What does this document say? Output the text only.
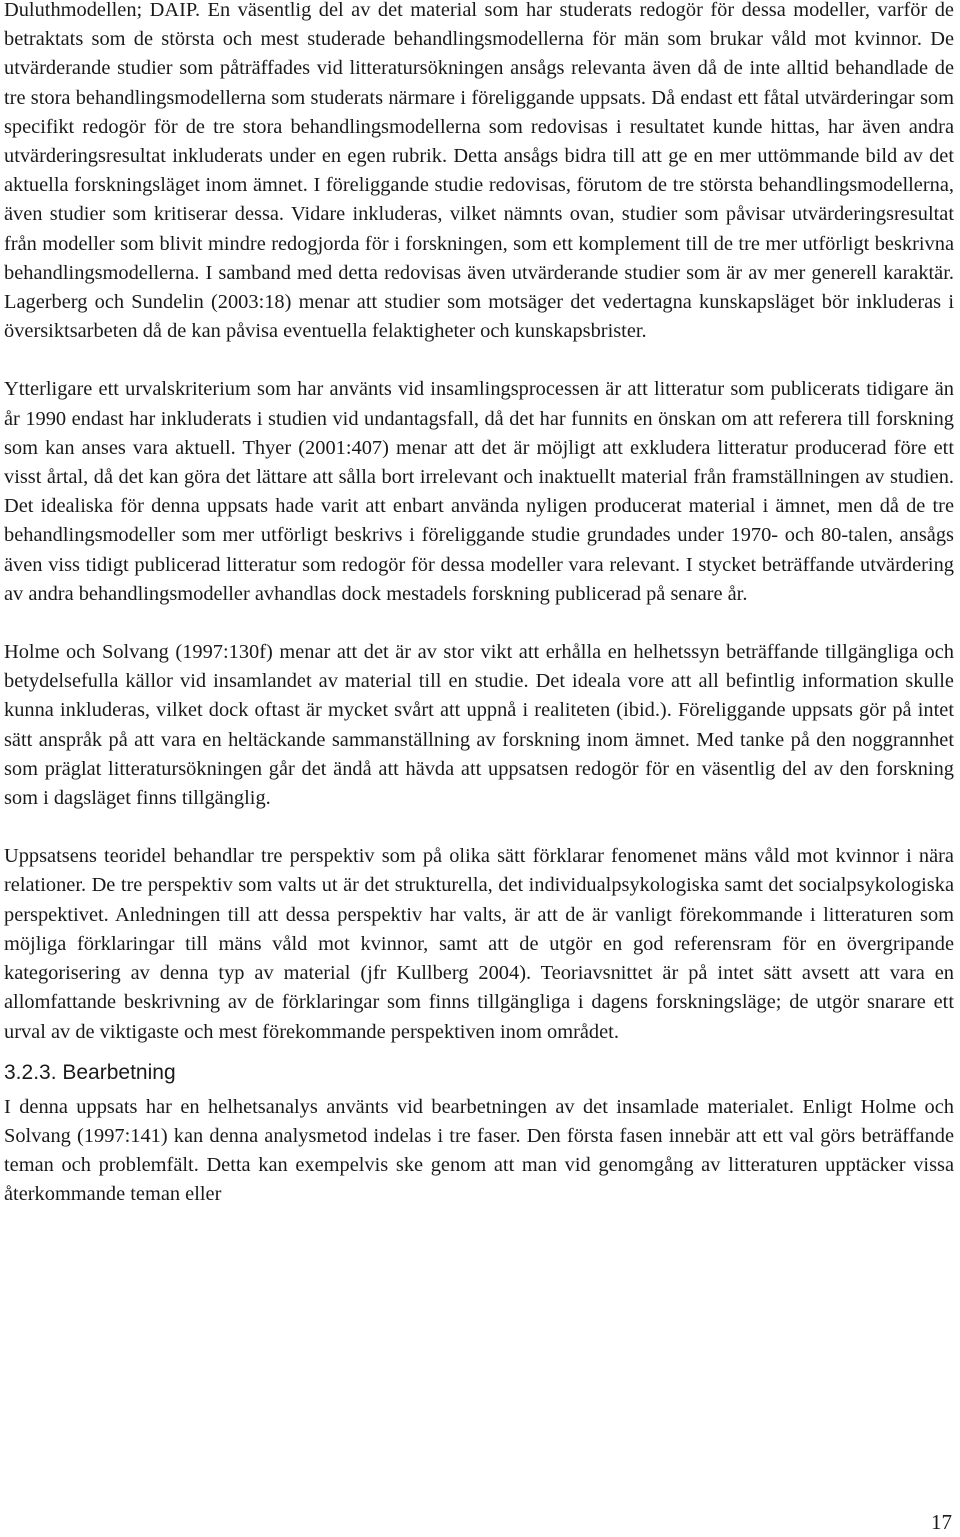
Duluthmodellen; DAIP. En väsentlig del av det material som har studerats redogör för dessa modeller, varför de betraktats som de största och mest studerade behandlingsmodellerna för män som brukar våld mot kvinnor. De utvärderande studier som påträffades vid litteratursökningen ansågs relevanta även då de inte alltid behandlade de tre stora behandlingsmodellerna som studerats närmare i föreliggande uppsats. Då endast ett fåtal utvärderingar som specifikt redogör för de tre stora behandlingsmodellerna som redovisas i resultatet kunde hittas, har även andra utvärderingsresultat inkluderats under en egen rubrik. Detta ansågs bidra till att ge en mer uttömmande bild av det aktuella forskningsläget inom ämnet. I föreliggande studie redovisas, förutom de tre största behandlingsmodellerna, även studier som kritiserar dessa. Vidare inkluderas, vilket nämnts ovan, studier som påvisar utvärderingsresultat från modeller som blivit mindre redogjorda för i forskningen, som ett komplement till de tre mer utförligt beskrivna behandlingsmodellerna. I samband med detta redovisas även utvärderande studier som är av mer generell karaktär. Lagerberg och Sundelin (2003:18) menar att studier som motsäger det vedertagna kunskapsläget bör inkluderas i översiktsarbeten då de kan påvisa eventuella felaktigheter och kunskapsbrister.

Ytterligare ett urvalskriterium som har använts vid insamlingsprocessen är att litteratur som publicerats tidigare än år 1990 endast har inkluderats i studien vid undantagsfall, då det har funnits en önskan om att referera till forskning som kan anses vara aktuell. Thyer (2001:407) menar att det är möjligt att exkludera litteratur producerad före ett visst årtal, då det kan göra det lättare att sålla bort irrelevant och inaktuellt material från framställningen av studien. Det idealiska för denna uppsats hade varit att enbart använda nyligen producerat material i ämnet, men då de tre behandlingsmodeller som mer utförligt beskrivs i föreliggande studie grundades under 1970- och 80-talen, ansågs även viss tidigt publicerad litteratur som redogör för dessa modeller vara relevant. I stycket beträffande utvärdering av andra behandlingsmodeller avhandlas dock mestadels forskning publicerad på senare år.

Holme och Solvang (1997:130f) menar att det är av stor vikt att erhålla en helhetssyn beträffande tillgängliga och betydelsefulla källor vid insamlandet av material till en studie. Det ideala vore att all befintlig information skulle kunna inkluderas, vilket dock oftast är mycket svårt att uppnå i realiteten (ibid.). Föreliggande uppsats gör på intet sätt anspråk på att vara en heltäckande sammanställning av forskning inom ämnet. Med tanke på den noggrannhet som präglat litteratursökningen går det ändå att hävda att uppsatsen redogör för en väsentlig del av den forskning som i dagsläget finns tillgänglig.

Uppsatsens teoridel behandlar tre perspektiv som på olika sätt förklarar fenomenet mäns våld mot kvinnor i nära relationer. De tre perspektiv som valts ut är det strukturella, det individualpsykologiska samt det socialpsykologiska perspektivet. Anledningen till att dessa perspektiv har valts, är att de är vanligt förekommande i litteraturen som möjliga förklaringar till mäns våld mot kvinnor, samt att de utgör en god referensram för en övergripande kategorisering av denna typ av material (jfr Kullberg 2004). Teoriavsnittet är på intet sätt avsett att vara en allomfattande beskrivning av de förklaringar som finns tillgängliga i dagens forskningsläge; de utgör snarare ett urval av de viktigaste och mest förekommande perspektiven inom området.

3.2.3. Bearbetning

I denna uppsats har en helhetsanalys använts vid bearbetningen av det insamlade materialet. Enligt Holme och Solvang (1997:141) kan denna analysmetod indelas i tre faser. Den första fasen innebär att ett val görs beträffande teman och problemfält. Detta kan exempelvis ske genom att man vid genomgång av litteraturen upptäcker vissa återkommande teman eller

17
